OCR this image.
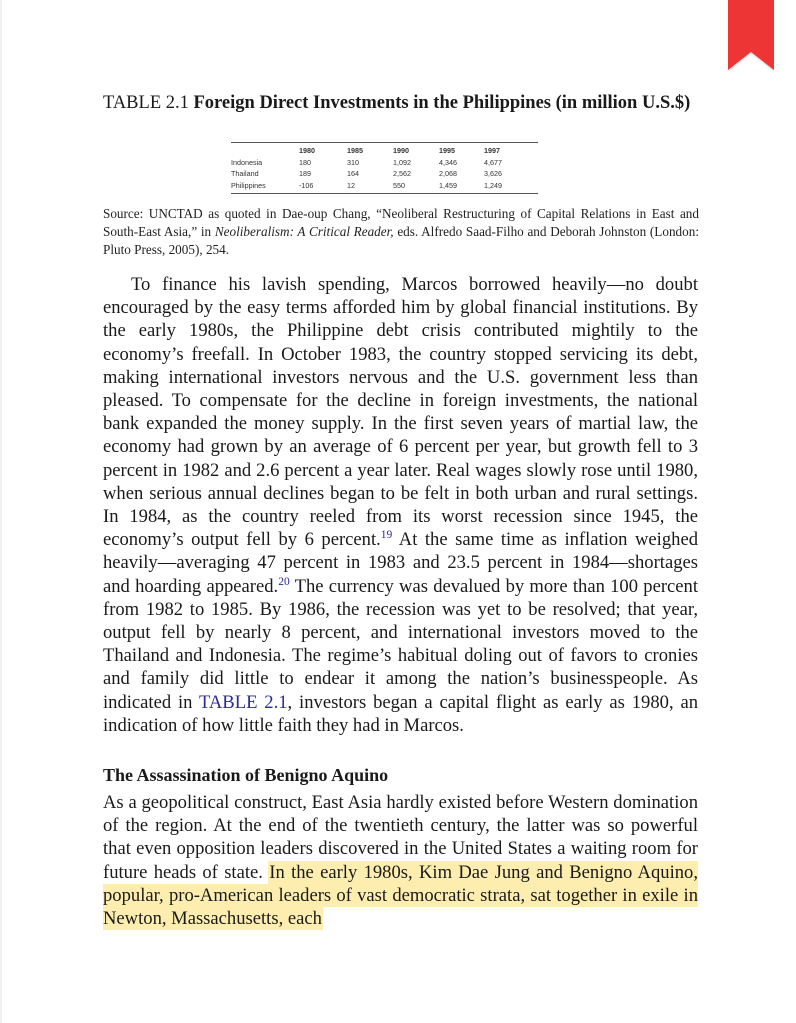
TABLE 2.1 Foreign Direct Investments in the Philippines (in million U.S.$)
	1980	1985	1990	1995	1997
Indonesia	180	310	1,092	4,346	4,677
Thailand	189	164	2,562	2,068	3,626
Philippines	-106	12	550	1,459	1,249
Source: UNCTAD as quoted in Dae-oup Chang, “Neoliberal Restructuring of Capital Relations in East and South-East Asia,” in Neoliberalism: A Critical Reader, eds. Alfredo Saad-Filho and Deborah Johnston (London: Pluto Press, 2005), 254.
To finance his lavish spending, Marcos borrowed heavily—no doubt encouraged by the easy terms afforded him by global financial institutions. By the early 1980s, the Philippine debt crisis contributed mightily to the economy’s freefall. In October 1983, the country stopped servicing its debt, making international investors nervous and the U.S. government less than pleased. To compensate for the decline in foreign investments, the national bank expanded the money supply. In the first seven years of martial law, the economy had grown by an average of 6 percent per year, but growth fell to 3 percent in 1982 and 2.6 percent a year later. Real wages slowly rose until 1980, when serious annual declines began to be felt in both urban and rural settings. In 1984, as the country reeled from its worst recession since 1945, the economy’s output fell by 6 percent.$^{19}$ At the same time as inflation weighed heavily—averaging 47 percent in 1983 and 23.5 percent in 1984—shortages and hoarding appeared.$^{20}$ The currency was devalued by more than 100 percent from 1982 to 1985. By 1986, the recession was yet to be resolved; that year, output fell by nearly 8 percent, and international investors moved to the Thailand and Indonesia. The regime’s habitual doling out of favors to cronies and family did little to endear it among the nation’s businesspeople. As indicated in TABLE 2.1, investors began a capital flight as early as 1980, an indication of how little faith they had in Marcos.
The Assassination of Benigno Aquino
As a geopolitical construct, East Asia hardly existed before Western domination of the region. At the end of the twentieth century, the latter was so powerful that even opposition leaders discovered in the United States a waiting room for future heads of state. In the early 1980s, Kim Dae Jung and Benigno Aquino, popular, pro-American leaders of vast democratic strata, sat together in exile in Newton, Massachusetts, each
